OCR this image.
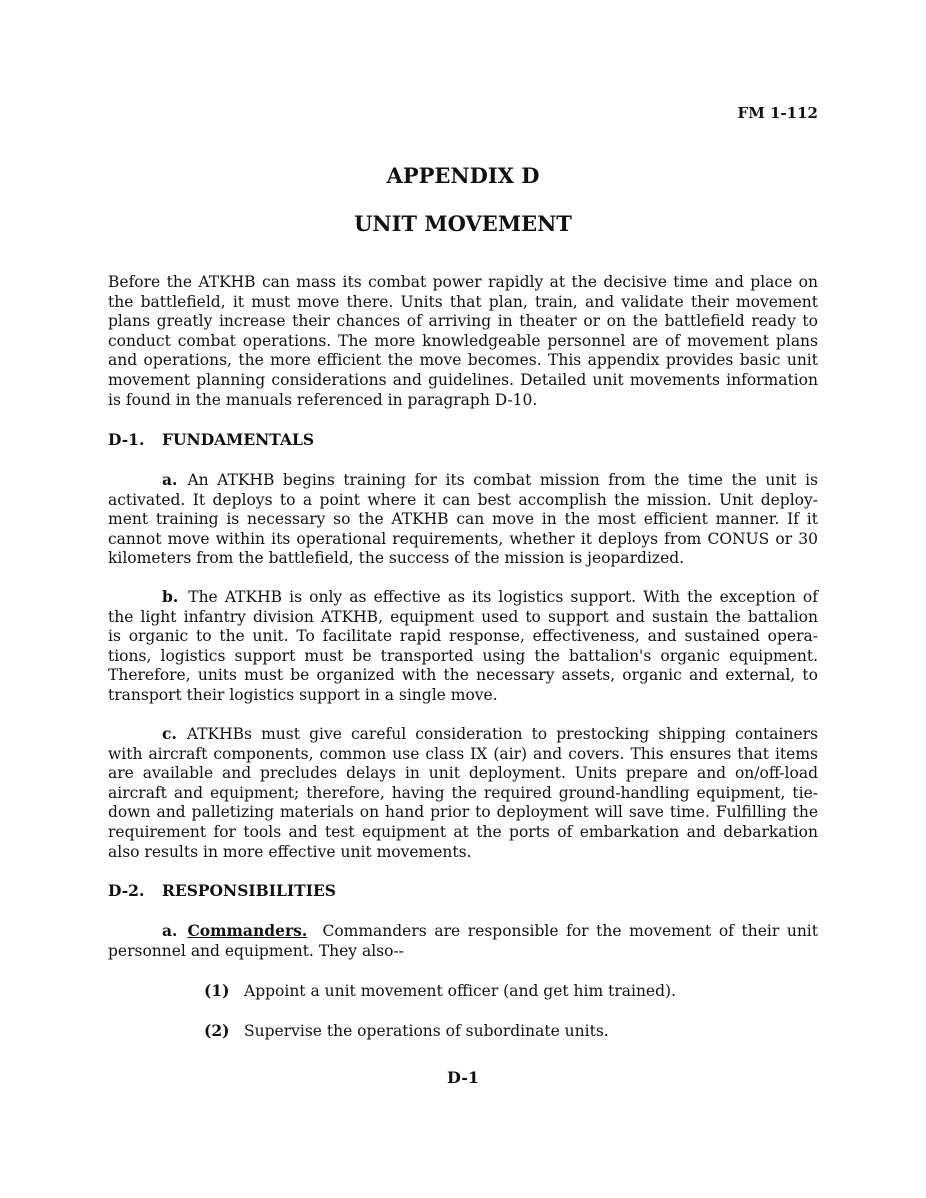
FM 1-112
APPENDIX D
UNIT MOVEMENT
Before the ATKHB can mass its combat power rapidly at the decisive time and place on
the battlefield, it must move there. Units that plan, train, and validate their movement
plans greatly increase their chances of arriving in theater or on the battlefield ready to
conduct combat operations. The more knowledgeable personnel are of movement plans
and operations, the more efficient the move becomes. This appendix provides basic unit
movement planning considerations and guidelines. Detailed unit movements information
is found in the manuals referenced in paragraph D-10.
D-1. FUNDAMENTALS
a. An ATKHB begins training for its combat mission from the time the unit is
activated. It deploys to a point where it can best accomplish the mission. Unit deploy-
ment training is necessary so the ATKHB can move in the most efficient manner. If it
cannot move within its operational requirements, whether it deploys from CONUS or 30
kilometers from the battlefield, the success of the mission is jeopardized.
b. The ATKHB is only as effective as its logistics support. With the exception of
the light infantry division ATKHB, equipment used to support and sustain the battalion
is organic to the unit. To facilitate rapid response, effectiveness, and sustained opera-
tions, logistics support must be transported using the battalion's organic equipment.
Therefore, units must be organized with the necessary assets, organic and external, to
transport their logistics support in a single move.
c. ATKHBs must give careful consideration to prestocking shipping containers
with aircraft components, common use class IX (air) and covers. This ensures that items
are available and precludes delays in unit deployment. Units prepare and on/off-load
aircraft and equipment; therefore, having the required ground-handling equipment, tie-
down and palletizing materials on hand prior to deployment will save time. Fulfilling the
requirement for tools and test equipment at the ports of embarkation and debarkation
also results in more effective unit movements.
D-2. RESPONSIBILITIES
a. Commanders. Commanders are responsible for the movement of their unit
personnel and equipment. They also--
(1) Appoint a unit movement officer (and get him trained).
(2) Supervise the operations of subordinate units.
D-1
